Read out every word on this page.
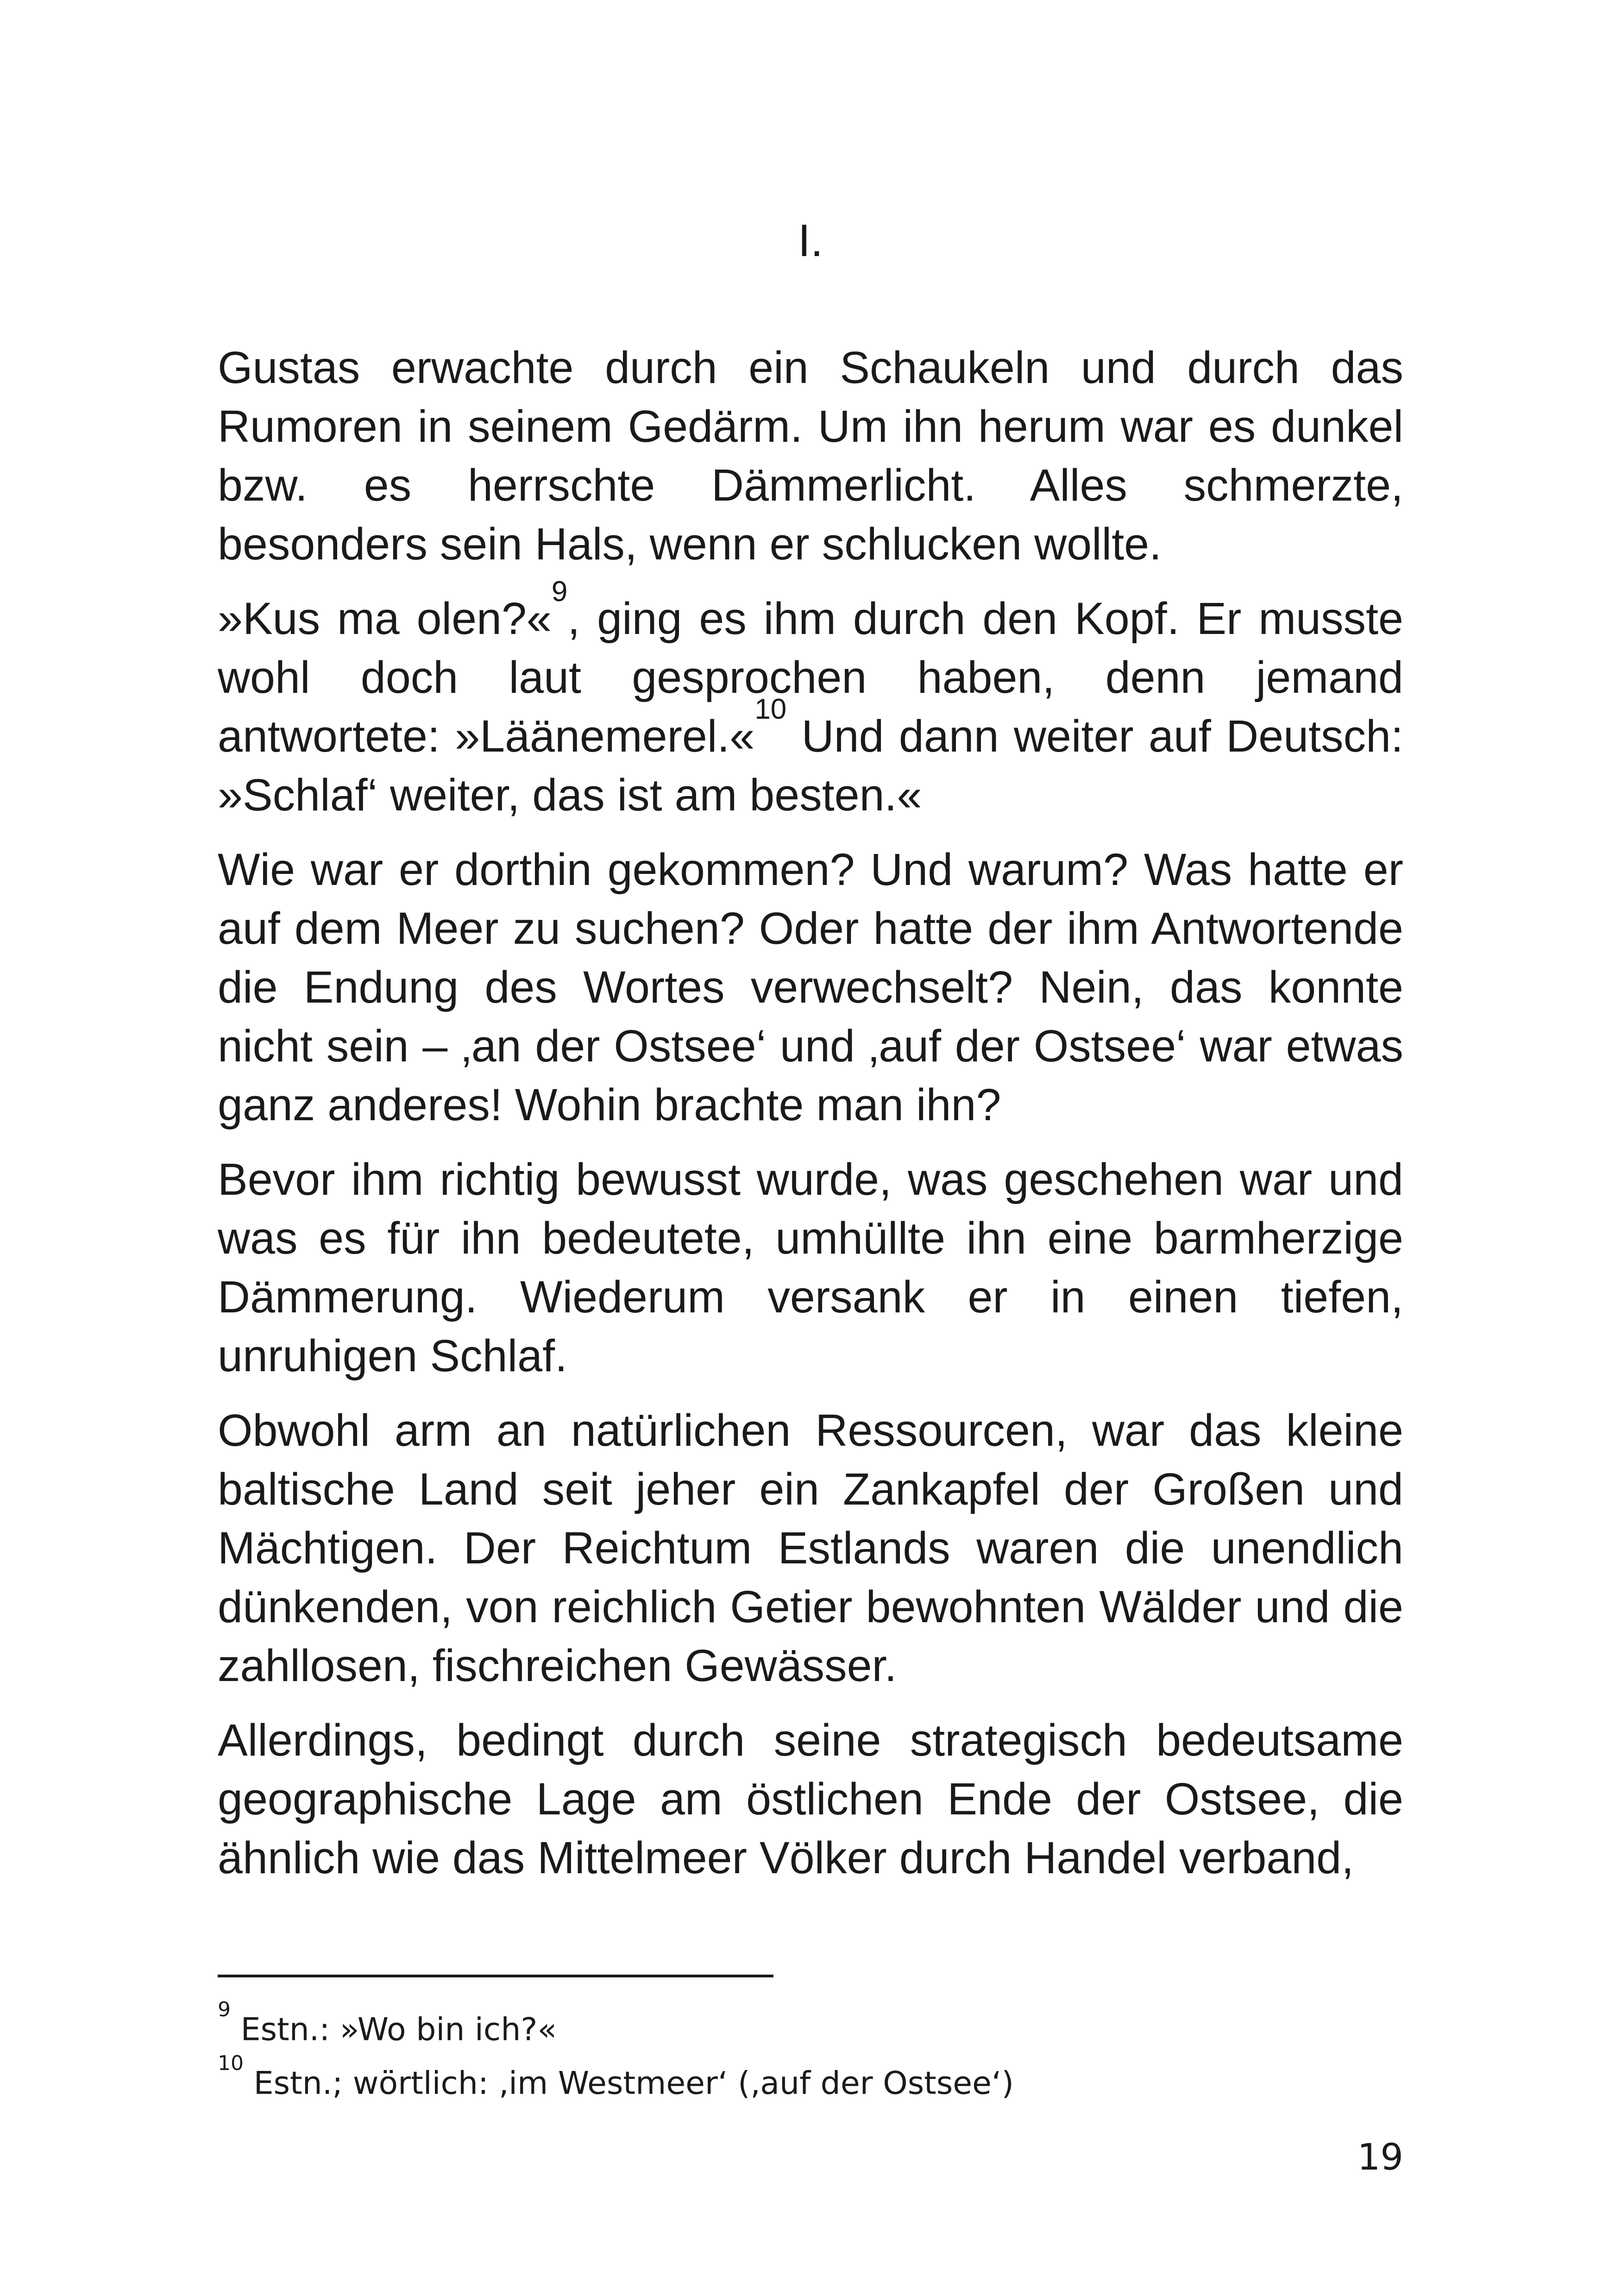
I.

Gustas erwachte durch ein Schaukeln und durch das Rumoren in seinem Gedärm. Um ihn herum war es dunkel bzw. es herrschte Dämmerlicht. Alles schmerzte, besonders sein Hals, wenn er schlucken wollte.

»Kus ma olen?«$^9$, ging es ihm durch den Kopf. Er musste wohl doch laut gesprochen haben, denn jemand antwortete: »Läänemerel.«$^{10}$ Und dann weiter auf Deutsch: »Schlaf‘ weiter, das ist am besten.«

Wie war er dorthin gekommen? Und warum? Was hatte er auf dem Meer zu suchen? Oder hatte der ihm Antwortende die Endung des Wortes verwechselt? Nein, das konnte nicht sein – ‚an der Ostsee‘ und ‚auf der Ostsee‘ war etwas ganz anderes! Wohin brachte man ihn?

Bevor ihm richtig bewusst wurde, was geschehen war und was es für ihn bedeutete, umhüllte ihn eine barmherzige Dämmerung. Wiederum versank er in einen tiefen, unruhigen Schlaf.

Obwohl arm an natürlichen Ressourcen, war das kleine baltische Land seit jeher ein Zankapfel der Großen und Mächtigen. Der Reichtum Estlands waren die unendlich dünkenden, von reichlich Getier bewohnten Wälder und die zahllosen, fischreichen Gewässer.

Allerdings, bedingt durch seine strategisch bedeutsame geographische Lage am östlichen Ende der Ostsee, die ähnlich wie das Mittelmeer Völker durch Handel verband,

$^9$ Estn.: »Wo bin ich?«

$^{10}$ Estn.; wörtlich: ‚im Westmeer‘ (‚auf der Ostsee‘)

19
